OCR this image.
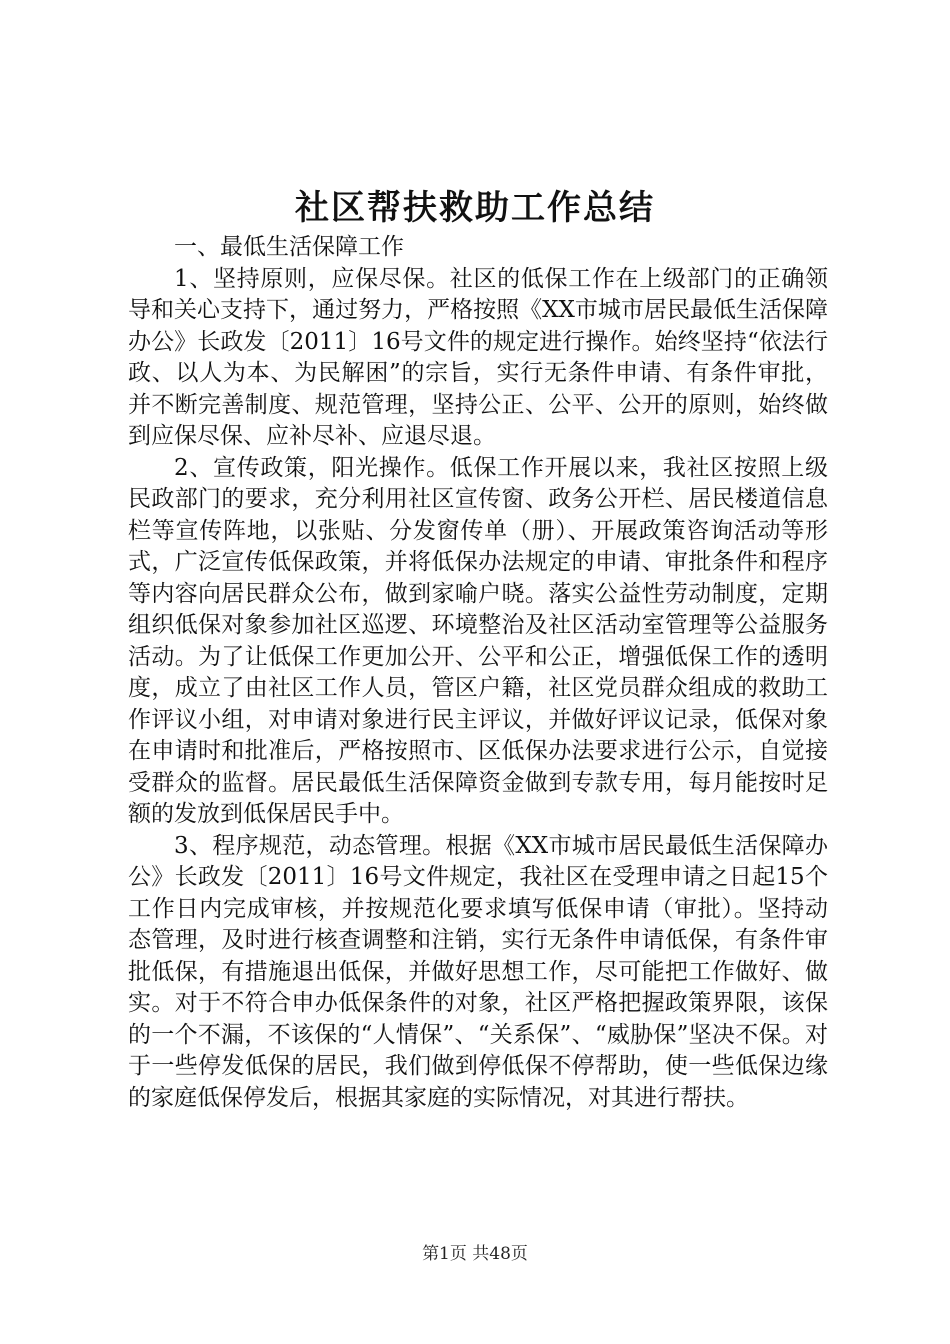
社区帮扶救助工作总结

一、最低生活保障工作

1、坚持原则，应保尽保。社区的低保工作在上级部门的正确领导和关心支持下，通过努力，严格按照《XX市城市居民最低生活保障办公》长政发〔2011〕16号文件的规定进行操作。始终坚持“依法行政、以人为本、为民解困”的宗旨，实行无条件申请、有条件审批，并不断完善制度、规范管理，坚持公正、公平、公开的原则，始终做到应保尽保、应补尽补、应退尽退。

2、宣传政策，阳光操作。低保工作开展以来，我社区按照上级民政部门的要求，充分利用社区宣传窗、政务公开栏、居民楼道信息栏等宣传阵地，以张贴、分发窗传单（册）、开展政策咨询活动等形式，广泛宣传低保政策，并将低保办法规定的申请、审批条件和程序等内容向居民群众公布，做到家喻户晓。落实公益性劳动制度，定期组织低保对象参加社区巡逻、环境整治及社区活动室管理等公益服务活动。为了让低保工作更加公开、公平和公正，增强低保工作的透明度，成立了由社区工作人员，管区户籍，社区党员群众组成的救助工作评议小组，对申请对象进行民主评议，并做好评议记录，低保对象在申请时和批准后，严格按照市、区低保办法要求进行公示，自觉接受群众的监督。居民最低生活保障资金做到专款专用，每月能按时足额的发放到低保居民手中。

3、程序规范，动态管理。根据《XX市城市居民最低生活保障办公》长政发〔2011〕16号文件规定，我社区在受理申请之日起15个工作日内完成审核，并按规范化要求填写低保申请（审批）。坚持动态管理，及时进行核查调整和注销，实行无条件申请低保，有条件审批低保，有措施退出低保，并做好思想工作，尽可能把工作做好、做实。对于不符合申办低保条件的对象，社区严格把握政策界限，该保的一个不漏，不该保的“人情保”、“关系保”、“威胁保”坚决不保。对于一些停发低保的居民，我们做到停低保不停帮助，使一些低保边缘的家庭低保停发后，根据其家庭的实际情况，对其进行帮扶。

第1页 共48页
